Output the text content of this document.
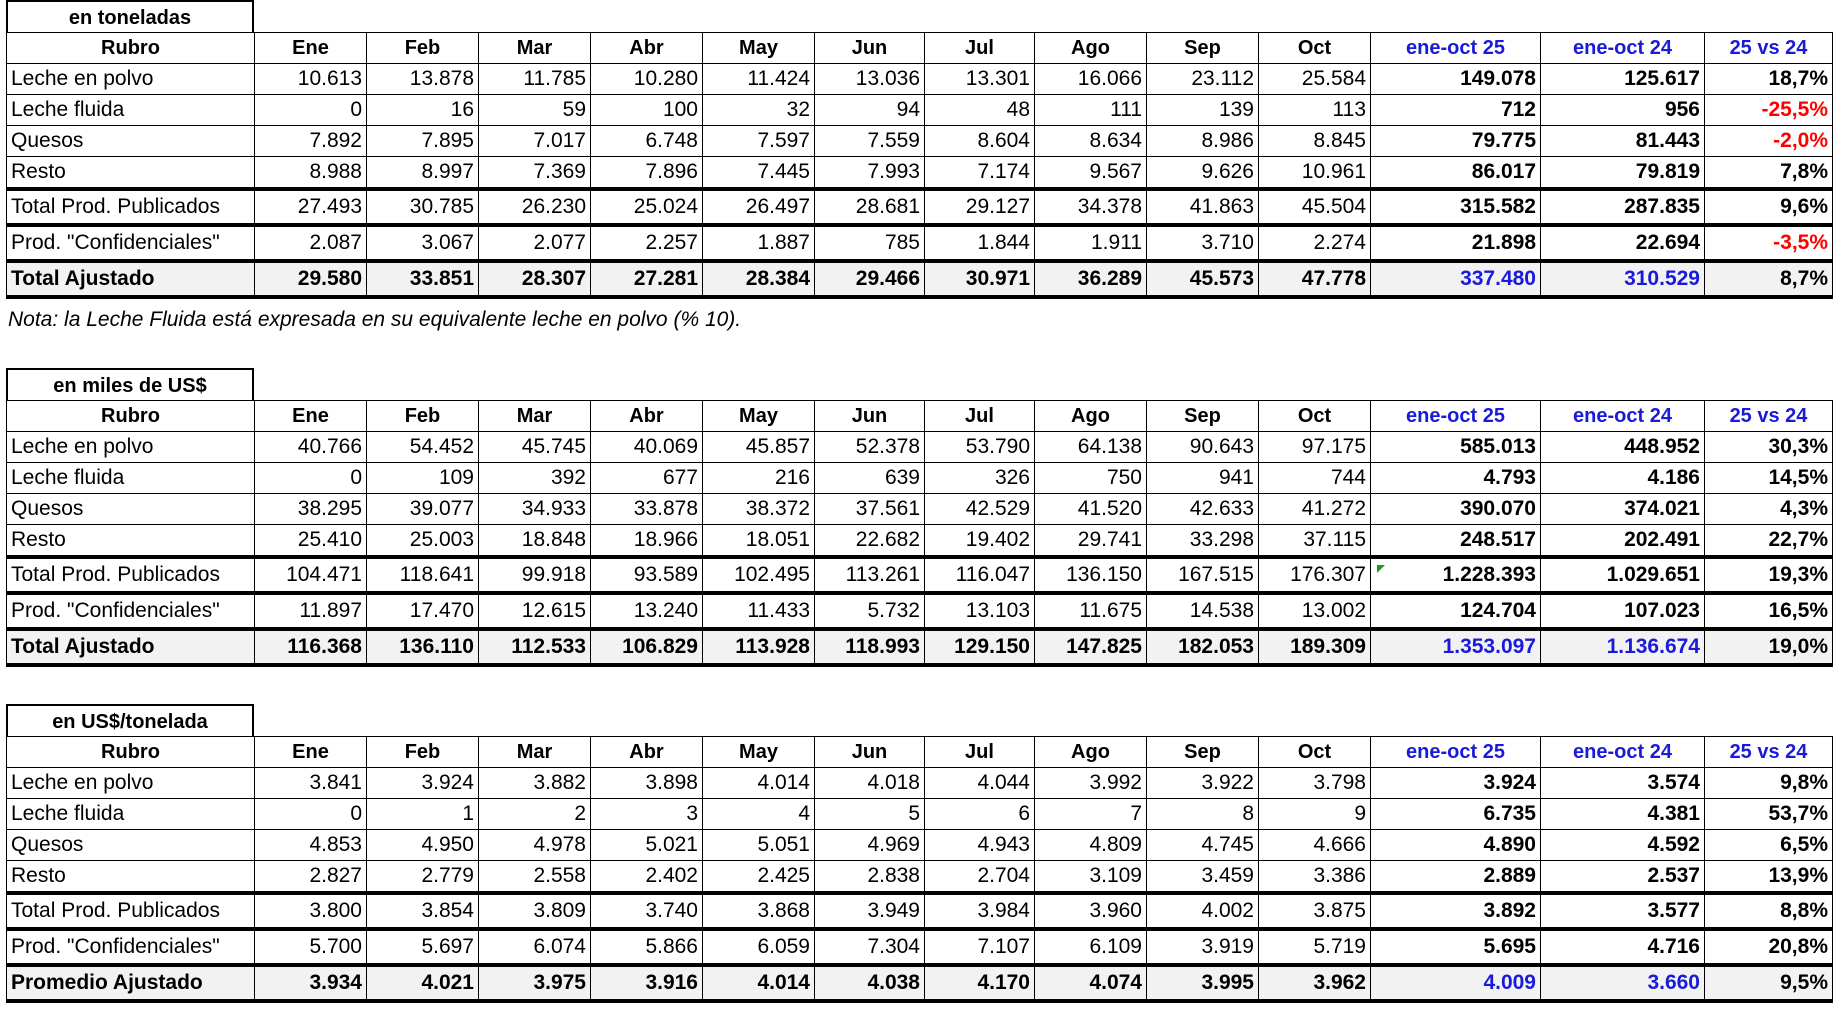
en toneladas
Rubro	Ene	Feb	Mar	Abr	May	Jun	Jul	Ago	Sep	Oct	ene-oct 25	ene-oct 24	25 vs 24
Leche en polvo	10.613	13.878	11.785	10.280	11.424	13.036	13.301	16.066	23.112	25.584	149.078	125.617	18,7%
Leche fluida	0	16	59	100	32	94	48	111	139	113	712	956	-25,5%
Quesos	7.892	7.895	7.017	6.748	7.597	7.559	8.604	8.634	8.986	8.845	79.775	81.443	-2,0%
Resto	8.988	8.997	7.369	7.896	7.445	7.993	7.174	9.567	9.626	10.961	86.017	79.819	7,8%
Total Prod. Publicados	27.493	30.785	26.230	25.024	26.497	28.681	29.127	34.378	41.863	45.504	315.582	287.835	9,6%
Prod. "Confidenciales"	2.087	3.067	2.077	2.257	1.887	785	1.844	1.911	3.710	2.274	21.898	22.694	-3,5%
Total Ajustado	29.580	33.851	28.307	27.281	28.384	29.466	30.971	36.289	45.573	47.778	337.480	310.529	8,7%
Nota: la Leche Fluida está expresada en su equivalente leche en polvo (% 10).
en miles de US$
Rubro	Ene	Feb	Mar	Abr	May	Jun	Jul	Ago	Sep	Oct	ene-oct 25	ene-oct 24	25 vs 24
Leche en polvo	40.766	54.452	45.745	40.069	45.857	52.378	53.790	64.138	90.643	97.175	585.013	448.952	30,3%
Leche fluida	0	109	392	677	216	639	326	750	941	744	4.793	4.186	14,5%
Quesos	38.295	39.077	34.933	33.878	38.372	37.561	42.529	41.520	42.633	41.272	390.070	374.021	4,3%
Resto	25.410	25.003	18.848	18.966	18.051	22.682	19.402	29.741	33.298	37.115	248.517	202.491	22,7%
Total Prod. Publicados	104.471	118.641	99.918	93.589	102.495	113.261	116.047	136.150	167.515	176.307	1.228.393	1.029.651	19,3%
Prod. "Confidenciales"	11.897	17.470	12.615	13.240	11.433	5.732	13.103	11.675	14.538	13.002	124.704	107.023	16,5%
Total Ajustado	116.368	136.110	112.533	106.829	113.928	118.993	129.150	147.825	182.053	189.309	1.353.097	1.136.674	19,0%
en US$/tonelada
Rubro	Ene	Feb	Mar	Abr	May	Jun	Jul	Ago	Sep	Oct	ene-oct 25	ene-oct 24	25 vs 24
Leche en polvo	3.841	3.924	3.882	3.898	4.014	4.018	4.044	3.992	3.922	3.798	3.924	3.574	9,8%
Leche fluida	0	1	2	3	4	5	6	7	8	9	6.735	4.381	53,7%
Quesos	4.853	4.950	4.978	5.021	5.051	4.969	4.943	4.809	4.745	4.666	4.890	4.592	6,5%
Resto	2.827	2.779	2.558	2.402	2.425	2.838	2.704	3.109	3.459	3.386	2.889	2.537	13,9%
Total Prod. Publicados	3.800	3.854	3.809	3.740	3.868	3.949	3.984	3.960	4.002	3.875	3.892	3.577	8,8%
Prod. "Confidenciales"	5.700	5.697	6.074	5.866	6.059	7.304	7.107	6.109	3.919	5.719	5.695	4.716	20,8%
Promedio Ajustado	3.934	4.021	3.975	3.916	4.014	4.038	4.170	4.074	3.995	3.962	4.009	3.660	9,5%
